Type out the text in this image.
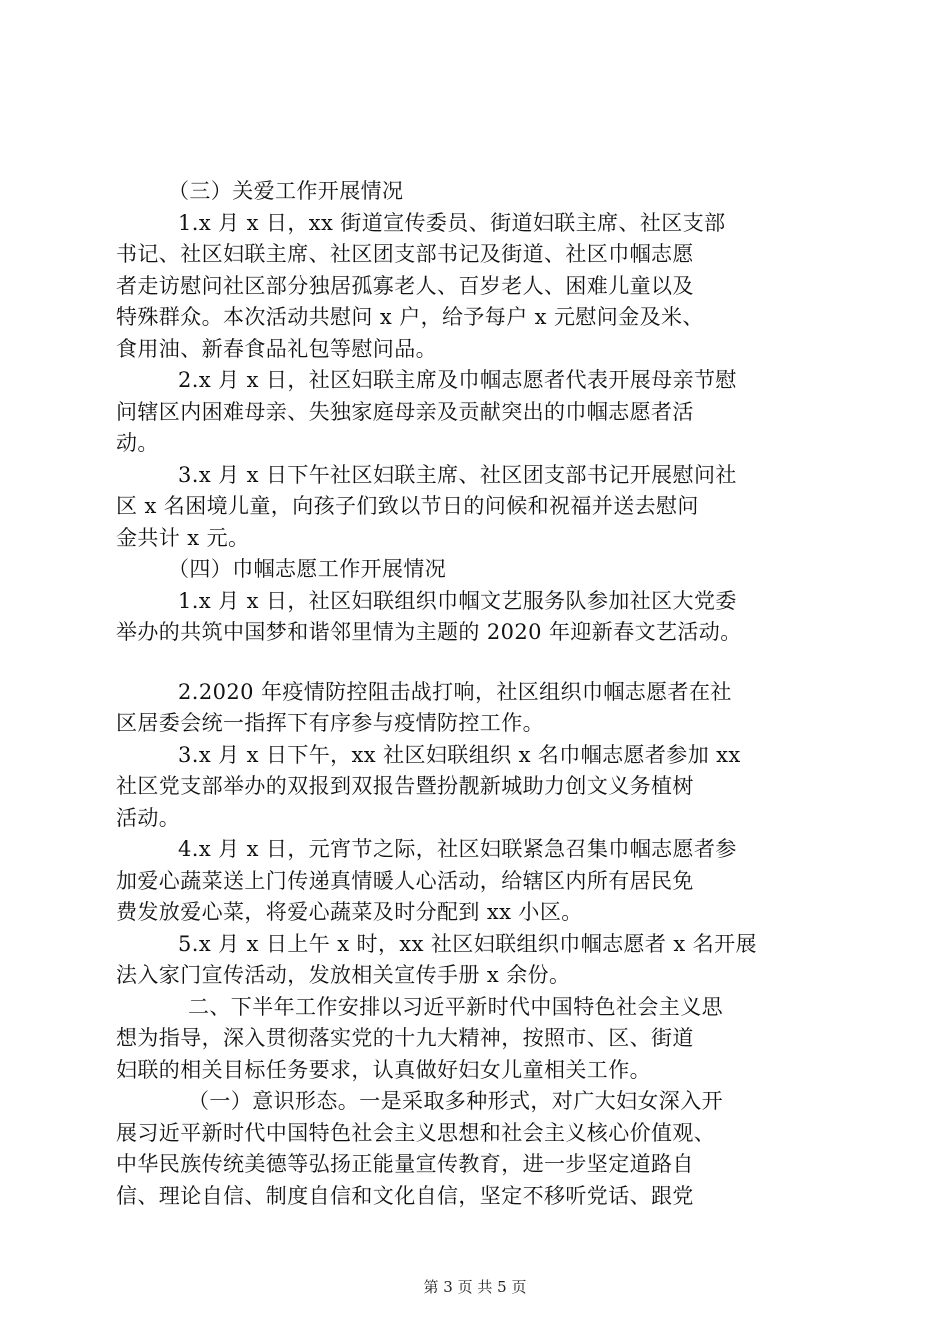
（三）关爱工作开展情况
1.x 月 x 日，xx 街道宣传委员、街道妇联主席、社区支部
书记、社区妇联主席、社区团支部书记及街道、社区巾帼志愿
者走访慰问社区部分独居孤寡老人、百岁老人、困难儿童以及
特殊群众。本次活动共慰问 x 户，给予每户 x 元慰问金及米、
食用油、新春食品礼包等慰问品。
2.x 月 x 日，社区妇联主席及巾帼志愿者代表开展母亲节慰
问辖区内困难母亲、失独家庭母亲及贡献突出的巾帼志愿者活
动。
3.x 月 x 日下午社区妇联主席、社区团支部书记开展慰问社
区 x 名困境儿童，向孩子们致以节日的问候和祝福并送去慰问
金共计 x 元。
（四）巾帼志愿工作开展情况
1.x 月 x 日，社区妇联组织巾帼文艺服务队参加社区大党委
举办的共筑中国梦和谐邻里情为主题的 2020 年迎新春文艺活动。
2.2020 年疫情防控阻击战打响，社区组织巾帼志愿者在社
区居委会统一指挥下有序参与疫情防控工作。
3.x 月 x 日下午，xx 社区妇联组织 x 名巾帼志愿者参加 xx
社区党支部举办的双报到双报告暨扮靓新城助力创文义务植树
活动。
4.x 月 x 日，元宵节之际，社区妇联紧急召集巾帼志愿者参
加爱心蔬菜送上门传递真情暖人心活动，给辖区内所有居民免
费发放爱心菜，将爱心蔬菜及时分配到 xx 小区。
5.x 月 x 日上午 x 时，xx 社区妇联组织巾帼志愿者 x 名开展
法入家门宣传活动，发放相关宣传手册 x 余份。
二、下半年工作安排以习近平新时代中国特色社会主义思
想为指导，深入贯彻落实党的十九大精神，按照市、区、街道
妇联的相关目标任务要求，认真做好妇女儿童相关工作。
（一）意识形态。一是采取多种形式，对广大妇女深入开
展习近平新时代中国特色社会主义思想和社会主义核心价值观、
中华民族传统美德等弘扬正能量宣传教育，进一步坚定道路自
信、理论自信、制度自信和文化自信，坚定不移听党话、跟党
第 3 页 共 5 页
